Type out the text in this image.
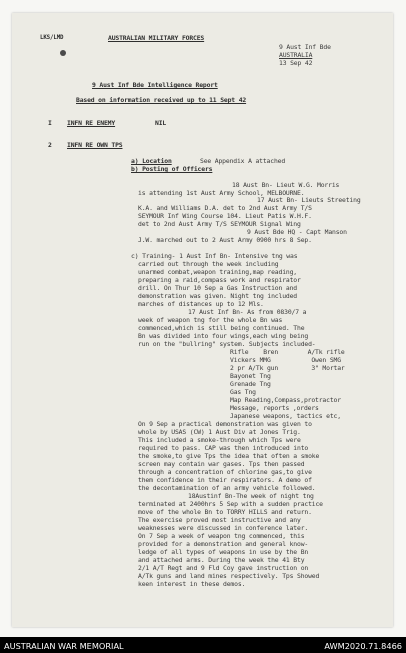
LKS/LMD	AUSTRALIAN MILITARY FORCES
9 Aust Inf Bde
AUSTRALIA
13 Sep 42
9 Aust Inf Bde Intelligence Report
Based on information received up to 11 Sept 42
I INFN RE ENEMY	NIL
2 INFN RE OWN TPS
a) Location	See Appendix A attached
b) Posting of Officers
18 Aust Bn- Lieut W.G. Morris
is attending 1st Aust Army School, MELBOURNE.
17 Aust Bn- Lieuts Streeting
K.A. and Williams D.A. det to 2nd Aust Army T/S
SEYMOUR Inf Wing Course 104. Lieut Patis W.H.F.
det to 2nd Aust Army T/S SEYMOUR Signal Wing
9 Aust Bde HQ - Capt Manson
J.W. marched out to 2 Aust Army 0900 hrs 8 Sep.
c) Training- 1 Aust Inf Bn- Intensive tng was
carried out through the week including
unarmed combat,weapon training,map reading,
preparing a raid,compass work and respirator
drill. On Thur 10 Sep a Gas Instruction and
demonstration was given. Night tng included
marches of distances up to 12 Mls.
17 Aust Inf Bn- As from 0830/7 a
week of weapon tng for the whole Bn was
commenced,which is still being continued. The
Bn was divided into four wings,each wing being
run on the "bullring" system. Subjects included-
Rifle    Bren        A/Tk rifle
Vickers MMG           Owen SMG
2 pr A/Tk gun         3" Mortar
Bayonet Tng
Grenade Tng
Gas Tng
Map Reading,Compass,protractor
Message, reports ,orders
Japanese weapons, tactics etc,
On 9 Sep a practical demonstration was given to
whole by USAS (CW) 1 Aust Div at Jones Trig.
This included a smoke-through which Tps were
required to pass. CAP was then introduced into
the smoke,to give Tps the idea that often a smoke
screen may contain war gases. Tps then passed
through a concentration of chlorine gas,to give
them confidence in their respirators. A demo of
the decontamination of an army vehicle followed.
18Austinf Bn-The week of night tng
terminated at 2400hrs 5 Sep with a sudden practice
move of the whole Bn to TORRY HILLS and return.
The exercise proved most instructive and any
weaknesses were discussed in conference later.
On 7 Sep a week of weapon tng commenced, this
provided for a demonstration and general know-
ledge of all types of weapons in use by the Bn
and attached arms. During the week the 41 Bty
2/1 A/T Regt and 9 Fld Coy gave instruction on
A/Tk guns and land mines respectively. Tps Showed
keen interest in these demos.
AUSTRALIAN WAR MEMORIAL	AWM2020.71.8466
